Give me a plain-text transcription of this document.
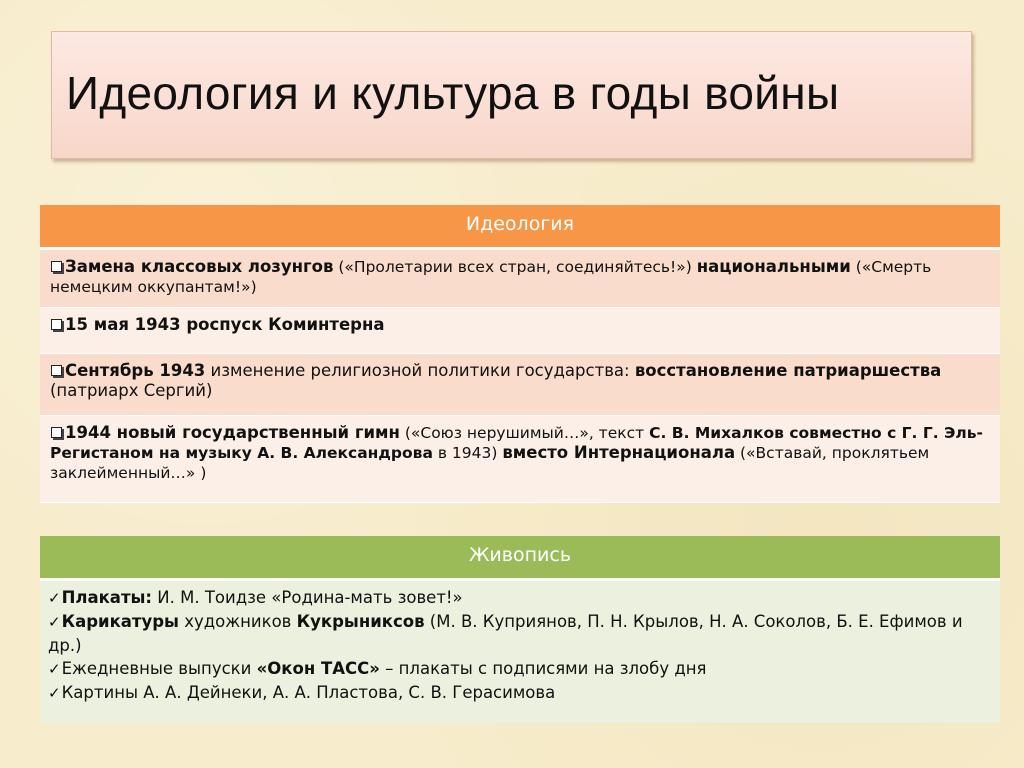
Идеология и культура в годы войны
Идеология
Замена классовых лозунгов («Пролетарии всех стран, соединяйтесь!») национальными («Смерть немецким оккупантам!»)
15 мая 1943 роспуск Коминтерна
Сентябрь 1943 изменение религиозной политики государства: восстановление патриаршества (патриарх Сергий)
1944 новый государственный гимн («Союз нерушимый…», текст С. В. Михалков совместно с Г. Г. Эль-Регистаном на музыку А. В. Александрова в 1943) вместо Интернационала («Вставай, проклятьем заклейменный…» )
Живопись
✓Плакаты: И. М. Тоидзе «Родина-мать зовет!»
✓Карикатуры художников Кукрыниксов (М. В. Куприянов, П. Н. Крылов, Н. А. Соколов, Б. Е. Ефимов и др.)
✓Ежедневные выпуски «Окон ТАСС» – плакаты с подписями на злобу дня
✓Картины А. А. Дейнеки, А. А. Пластова, С. В. Герасимова
